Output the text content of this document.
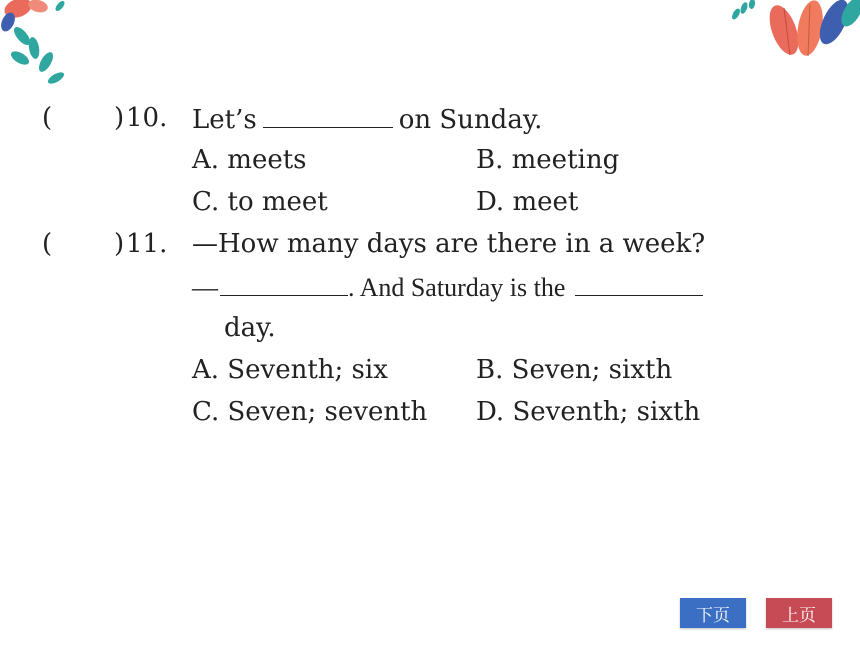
( ) 10. Let’s	on Sunday.
A. meets	B. meeting
C. to meet	D. meet
( ) 11. —How many days are there in a week?
—	. And Saturday is the
day.
A. Seventh; six	B. Seven; sixth
C. Seven; seventh D. Seventh; sixth
下页	上页
